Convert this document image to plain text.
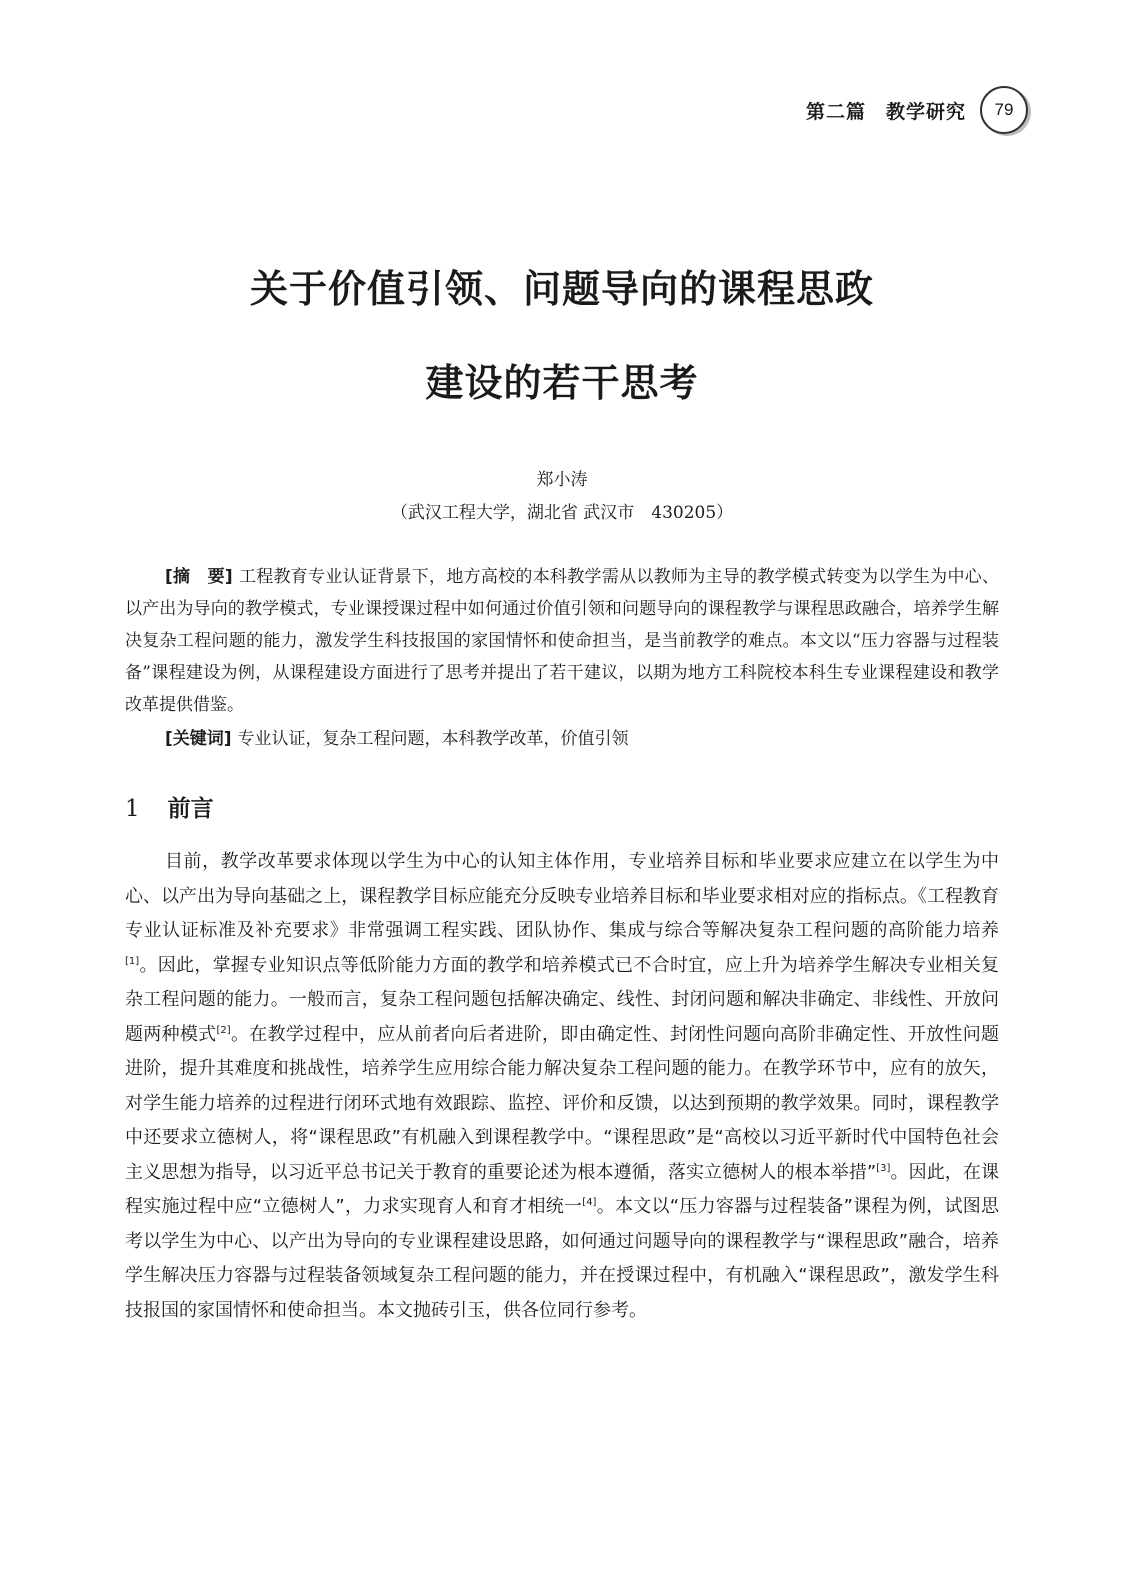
第二篇　教学研究	79
关于价值引领、问题导向的课程思政
建设的若干思考
郑小涛
（武汉工程大学，湖北省 武汉市　430205）

[摘　要] 工程教育专业认证背景下，地方高校的本科教学需从以教师为主导的教学模式转变为以学生为中心、以产出为导向的教学模式，专业课授课过程中如何通过价值引领和问题导向的课程教学与课程思政融合，培养学生解决复杂工程问题的能力，激发学生科技报国的家国情怀和使命担当，是当前教学的难点。本文以“压力容器与过程装备”课程建设为例，从课程建设方面进行了思考并提出了若干建议，以期为地方工科院校本科生专业课程建设和教学改革提供借鉴。

[关键词] 专业认证，复杂工程问题，本科教学改革，价值引领

1 前言

目前，教学改革要求体现以学生为中心的认知主体作用，专业培养目标和毕业要求应建立在以学生为中心、以产出为导向基础之上，课程教学目标应能充分反映专业培养目标和毕业要求相对应的指标点。《工程教育专业认证标准及补充要求》非常强调工程实践、团队协作、集成与综合等解决复杂工程问题的高阶能力培养[1]。因此，掌握专业知识点等低阶能力方面的教学和培养模式已不合时宜，应上升为培养学生解决专业相关复杂工程问题的能力。一般而言，复杂工程问题包括解决确定、线性、封闭问题和解决非确定、非线性、开放问题两种模式[2]。在教学过程中，应从前者向后者进阶，即由确定性、封闭性问题向高阶非确定性、开放性问题进阶，提升其难度和挑战性，培养学生应用综合能力解决复杂工程问题的能力。在教学环节中，应有的放矢，对学生能力培养的过程进行闭环式地有效跟踪、监控、评价和反馈，以达到预期的教学效果。同时，课程教学中还要求立德树人，将“课程思政”有机融入到课程教学中。“课程思政”是“高校以习近平新时代中国特色社会主义思想为指导，以习近平总书记关于教育的重要论述为根本遵循，落实立德树人的根本举措”[3]。因此，在课程实施过程中应“立德树人”，力求实现育人和育才相统一[4]。本文以“压力容器与过程装备”课程为例，试图思考以学生为中心、以产出为导向的专业课程建设思路，如何通过问题导向的课程教学与“课程思政”融合，培养学生解决压力容器与过程装备领域复杂工程问题的能力，并在授课过程中，有机融入“课程思政”，激发学生科技报国的家国情怀和使命担当。本文抛砖引玉，供各位同行参考。
